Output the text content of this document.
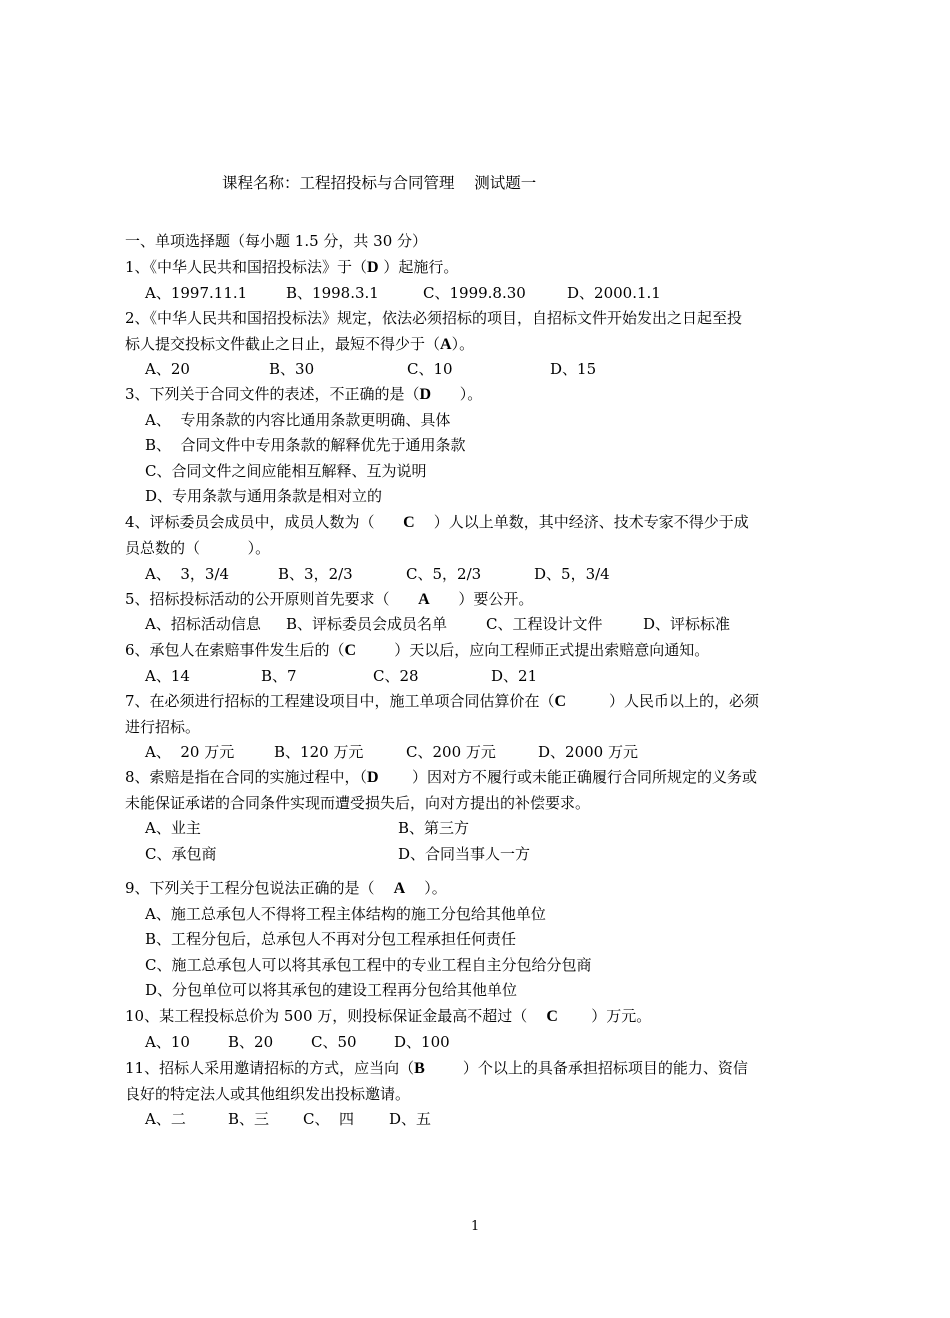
课程名称：工程招投标与合同管理    测试题一
一、单项选择题（每小题 1.5 分，共 30 分）
1、《中华人民共和国招投标法》于（D ）起施行。
A、1997.11.1	B、1998.3.1	C、1999.8.30	D、2000.1.1
2、《中华人民共和国招投标法》规定，依法必须招标的项目，自招标文件开始发出之日起至投
标人提交投标文件截止之日止，最短不得少于（A）。
A、20	B、30	C、10	D、15
3、下列关于合同文件的表述，不正确的是（D      ）。
A、  专用条款的内容比通用条款更明确、具体
B、  合同文件中专用条款的解释优先于通用条款
C、合同文件之间应能相互解释、互为说明
D、专用条款与通用条款是相对立的
4、评标委员会成员中，成员人数为（      C    ）人以上单数，其中经济、技术专家不得少于成
员总数的（          ）。
A、  3，3/4	B、3，2/3	C、5，2/3	D、5，3/4
5、招标投标活动的公开原则首先要求（      A      ）要公开。
A、招标活动信息 B、评标委员会成员名单	C、工程设计文件	D、评标标准
6、承包人在索赔事件发生后的（C        ）天以后，应向工程师正式提出索赔意向通知。
A、14	B、7	C、28	D、21
7、在必须进行招标的工程建设项目中，施工单项合同估算价在（C         ）人民币以上的，必须
进行招标。
A、  20 万元	B、120 万元	C、200 万元	D、2000 万元
8、索赔是指在合同的实施过程中，（D       ）因对方不履行或未能正确履行合同所规定的义务或
未能保证承诺的合同条件实现而遭受损失后，向对方提出的补偿要求。
A、业主	B、第三方
C、承包商	D、合同当事人一方
9、下列关于工程分包说法正确的是（    A    ）。
A、施工总承包人不得将工程主体结构的施工分包给其他单位
B、工程分包后，总承包人不再对分包工程承担任何责任
C、施工总承包人可以将其承包工程中的专业工程自主分包给分包商
D、分包单位可以将其承包的建设工程再分包给其他单位
10、某工程投标总价为 500 万，则投标保证金最高不超过（    C       ）万元。
A、10	B、20	C、50 D、100
11、招标人采用邀请招标的方式，应当向（B        ）个以上的具备承担招标项目的能力、资信
良好的特定法人或其他组织发出投标邀请。
A、二	B、三 C、  四 D、五
1
